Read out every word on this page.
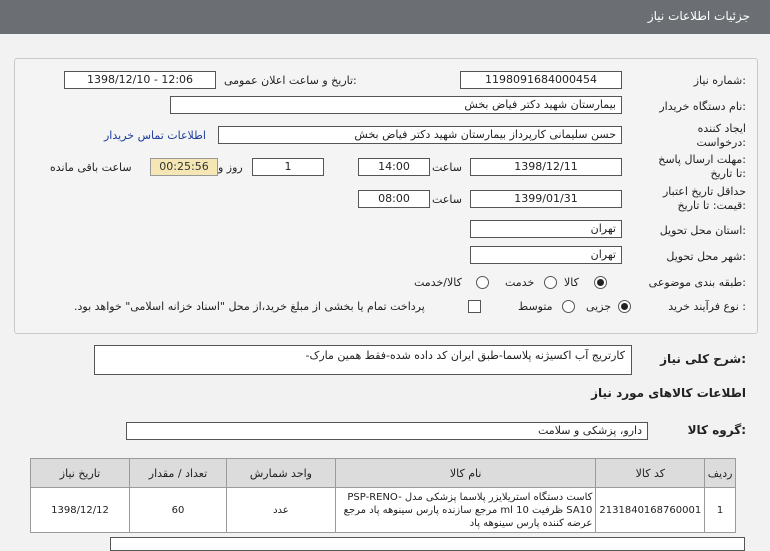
جزئیات اطلاعات نیاز
شماره نیاز:
1198091684000454
تاریخ و ساعت اعلان عمومی:
1398/12/10 - 12:06
نام دستگاه خریدار:
بیمارستان شهید دکتر فیاض بخش
ایجاد کننده
درخواست:
حسن سلیمانی کارپرداز بیمارستان شهید دکتر فیاض بخش
اطلاعات تماس خریدار
مهلت ارسال پاسخ:
تا تاریخ:
1398/12/11
ساعت
14:00
1
روز و
00:25:56
ساعت باقی مانده
حداقل تاریخ اعتبار
قیمت: تا تاریخ:
1399/01/31
ساعت
08:00
استان محل تحویل:
تهران
شهر محل تحویل:
تهران
طبقه بندی موضوعی:
کالا
خدمت
کالا/خدمت
نوع فرآیند خرید :
جزیی
متوسط
پرداخت تمام یا بخشی از مبلغ خرید،از محل "اسناد خزانه اسلامی" خواهد بود.
شرح کلی نیاز:
کارتریج آب اکسیژنه پلاسما-طبق ایران کد داده شده-فقط همین مارک-
اطلاعات کالاهای مورد نیاز
گروه کالا:
دارو، پزشکی و سلامت
ردیف	کد کالا	نام کالا	واحد شمارش	تعداد / مقدار	تاریخ نیاز
1	2131840168760001	کاست دستگاه استریلایزر پلاسما پزشکی مدل PSP-RENO-SA10 ظرفیت 10 ml مرجع سازنده پارس سینوهه پاد مرجع عرضه کننده پارس سینوهه پاد	عدد	60	1398/12/12
